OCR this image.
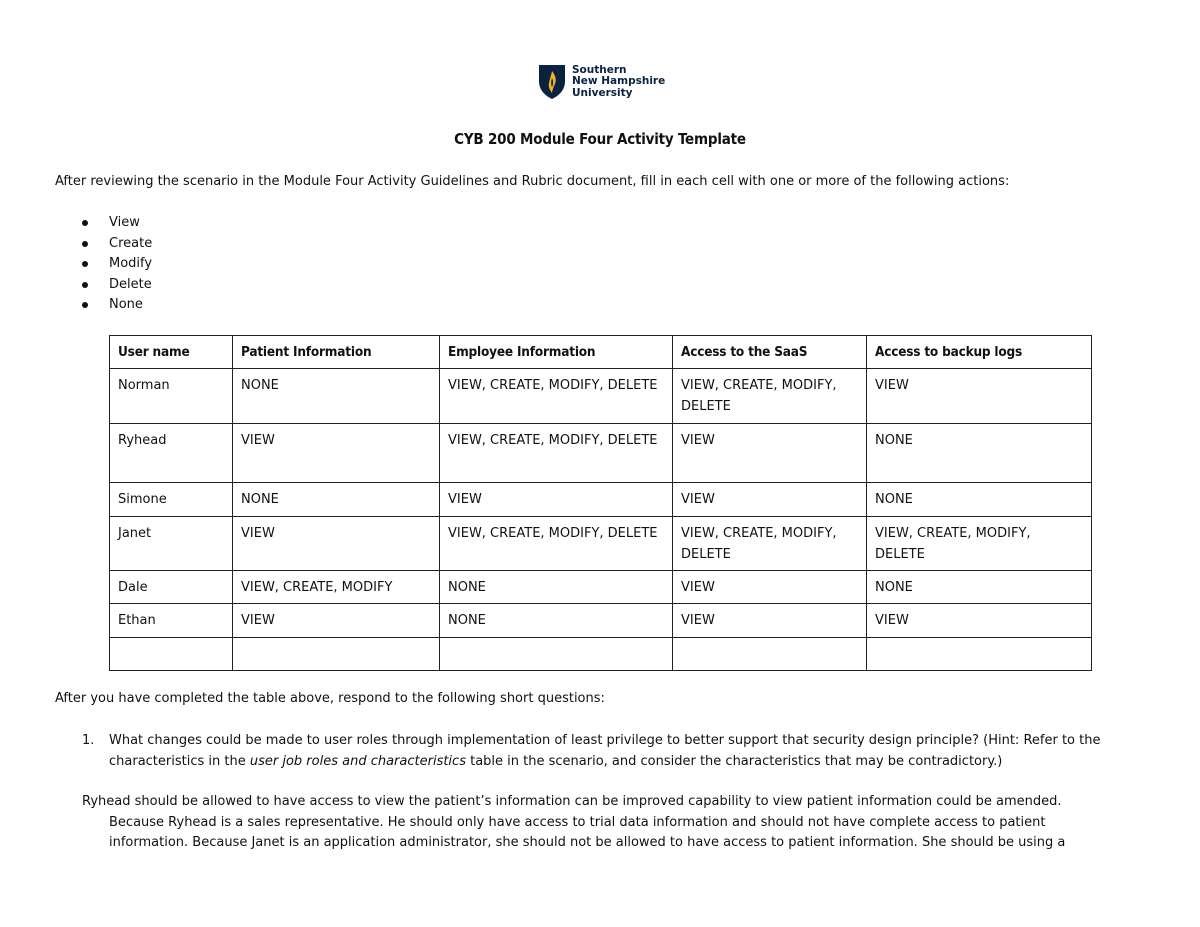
Southern
New Hampshire
University
CYB 200 Module Four Activity Template
After reviewing the scenario in the Module Four Activity Guidelines and Rubric document, fill in each cell with one or more of the following actions:
View
Create
Modify
Delete
None
User name	Patient Information	Employee Information	Access to the SaaS	Access to backup logs
Norman	NONE	VIEW, CREATE, MODIFY, DELETE	VIEW, CREATE, MODIFY, DELETE	VIEW
Ryhead	VIEW	VIEW, CREATE, MODIFY, DELETE	VIEW	NONE
Simone	NONE	VIEW	VIEW	NONE
Janet	VIEW	VIEW, CREATE, MODIFY, DELETE	VIEW, CREATE, MODIFY, DELETE	VIEW, CREATE, MODIFY, DELETE
Dale	VIEW, CREATE, MODIFY	NONE	VIEW	NONE
Ethan	VIEW	NONE	VIEW	VIEW

After you have completed the table above, respond to the following short questions:
1. What changes could be made to user roles through implementation of least privilege to better support that security design principle? (Hint: Refer to the
characteristics in the user job roles and characteristics table in the scenario, and consider the characteristics that may be contradictory.)
Ryhead should be allowed to have access to view the patient’s information can be improved capability to view patient information could be amended.
Because Ryhead is a sales representative. He should only have access to trial data information and should not have complete access to patient
information. Because Janet is an application administrator, she should not be allowed to have access to patient information. She should be using a
